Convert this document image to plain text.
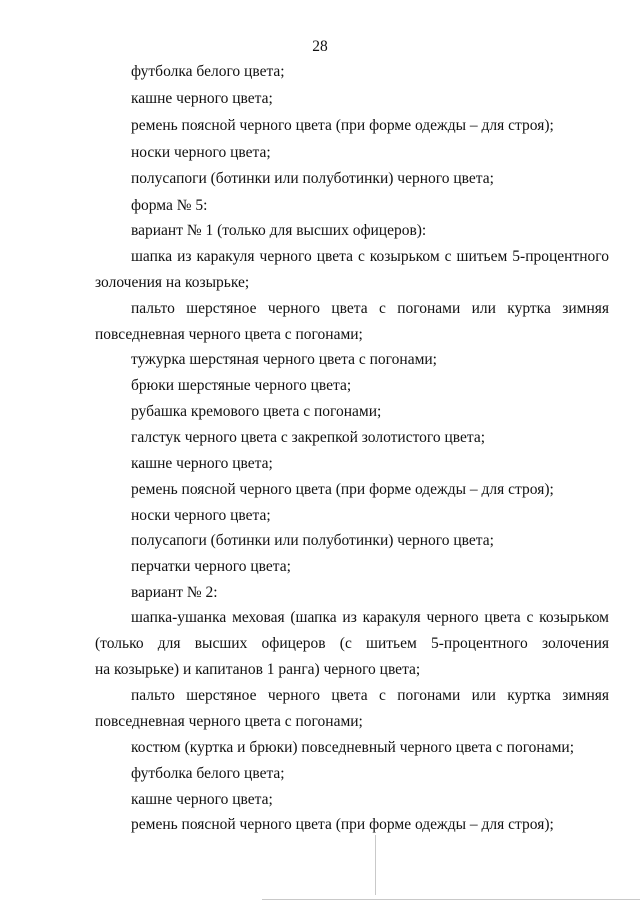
28
футболка белого цвета;
кашне черного цвета;
ремень поясной черного цвета (при форме одежды – для строя);
носки черного цвета;
полусапоги (ботинки или полуботинки) черного цвета;
форма № 5:
вариант № 1 (только для высших офицеров):
шапка из каракуля черного цвета с козырьком с шитьем 5-процентного
золочения на козырьке;
пальто шерстяное черного цвета с погонами или куртка зимняя
повседневная черного цвета с погонами;
тужурка шерстяная черного цвета с погонами;
брюки шерстяные черного цвета;
рубашка кремового цвета с погонами;
галстук черного цвета с закрепкой золотистого цвета;
кашне черного цвета;
ремень поясной черного цвета (при форме одежды – для строя);
носки черного цвета;
полусапоги (ботинки или полуботинки) черного цвета;
перчатки черного цвета;
вариант № 2:
шапка-ушанка меховая (шапка из каракуля черного цвета с козырьком
(только для высших офицеров (с шитьем 5-процентного золочения
на козырьке) и капитанов 1 ранга) черного цвета;
пальто шерстяное черного цвета с погонами или куртка зимняя
повседневная черного цвета с погонами;
костюм (куртка и брюки) повседневный черного цвета с погонами;
футболка белого цвета;
кашне черного цвета;
ремень поясной черного цвета (при форме одежды – для строя);
